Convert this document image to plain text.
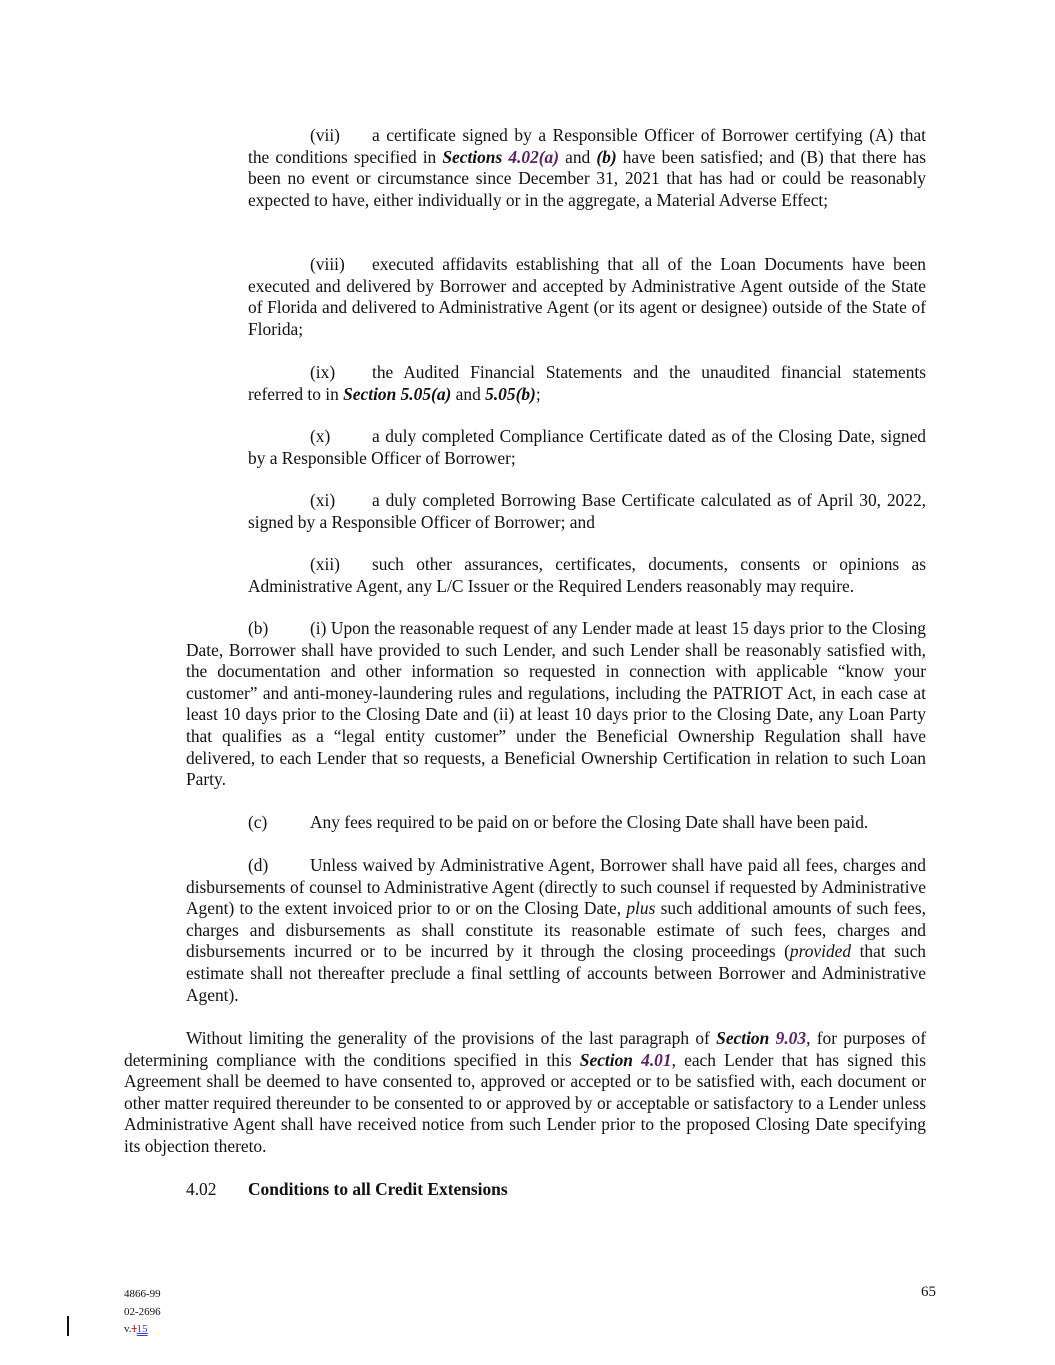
(vii) a certificate signed by a Responsible Officer of Borrower certifying (A) that the conditions specified in Sections 4.02(a) and (b) have been satisfied; and (B) that there has been no event or circumstance since December 31, 2021 that has had or could be reasonably expected to have, either individually or in the aggregate, a Material Adverse Effect;

(viii) executed affidavits establishing that all of the Loan Documents have been executed and delivered by Borrower and accepted by Administrative Agent outside of the State of Florida and delivered to Administrative Agent (or its agent or designee) outside of the State of Florida;

(ix) the Audited Financial Statements and the unaudited financial statements referred to in Section 5.05(a) and 5.05(b);

(x) a duly completed Compliance Certificate dated as of the Closing Date, signed by a Responsible Officer of Borrower;

(xi) a duly completed Borrowing Base Certificate calculated as of April 30, 2022, signed by a Responsible Officer of Borrower; and

(xii) such other assurances, certificates, documents, consents or opinions as Administrative Agent, any L/C Issuer or the Required Lenders reasonably may require.

(b) (i) Upon the reasonable request of any Lender made at least 15 days prior to the Closing Date, Borrower shall have provided to such Lender, and such Lender shall be reasonably satisfied with, the documentation and other information so requested in connection with applicable “know your customer” and anti-money-laundering rules and regulations, including the PATRIOT Act, in each case at least 10 days prior to the Closing Date and (ii) at least 10 days prior to the Closing Date, any Loan Party that qualifies as a “legal entity customer” under the Beneficial Ownership Regulation shall have delivered, to each Lender that so requests, a Beneficial Ownership Certification in relation to such Loan Party.

(c) Any fees required to be paid on or before the Closing Date shall have been paid.

(d) Unless waived by Administrative Agent, Borrower shall have paid all fees, charges and disbursements of counsel to Administrative Agent (directly to such counsel if requested by Administrative Agent) to the extent invoiced prior to or on the Closing Date, plus such additional amounts of such fees, charges and disbursements as shall constitute its reasonable estimate of such fees, charges and disbursements incurred or to be incurred by it through the closing proceedings (provided that such estimate shall not thereafter preclude a final settling of accounts between Borrower and Administrative Agent).

Without limiting the generality of the provisions of the last paragraph of Section 9.03, for purposes of determining compliance with the conditions specified in this Section 4.01, each Lender that has signed this Agreement shall be deemed to have consented to, approved or accepted or to be satisfied with, each document or other matter required thereunder to be consented to or approved by or acceptable or satisfactory to a Lender unless Administrative Agent shall have received notice from such Lender prior to the proposed Closing Date specifying its objection thereto.

4.02 Conditions to all Credit Extensions
4866-99
02-2696
v.115
65
